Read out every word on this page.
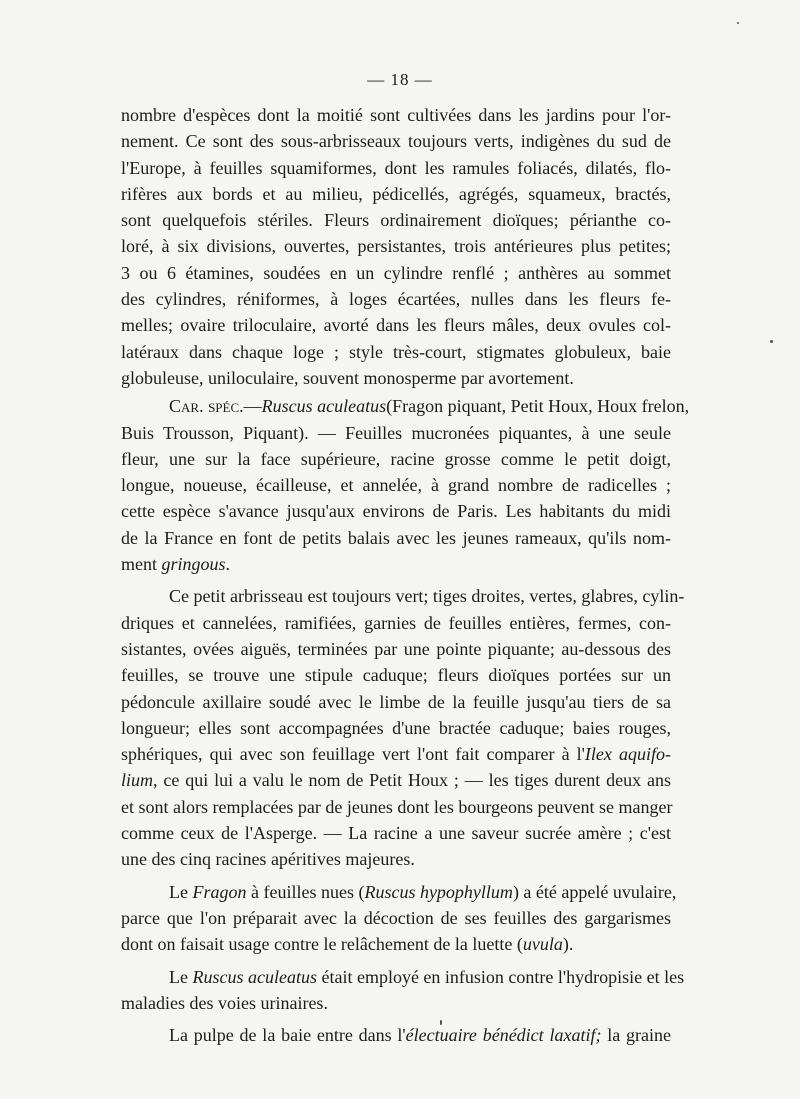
— 18 —

nombre d'espèces dont la moitié sont cultivées dans les jardins pour l'or-
nement. Ce sont des sous-arbrisseaux toujours verts, indigènes du sud de
l'Europe, à feuilles squamiformes, dont les ramules foliacés, dilatés, flo-
rifères aux bords et au milieu, pédicellés, agrégés, squameux, bractés,
sont quelquefois stériles. Fleurs ordinairement dioïques; périanthe co-
loré, à six divisions, ouvertes, persistantes, trois antérieures plus petites;
3 ou 6 étamines, soudées en un cylindre renflé ; anthères au sommet
des cylindres, réniformes, à loges écartées, nulles dans les fleurs fe-
melles; ovaire triloculaire, avorté dans les fleurs mâles, deux ovules col-
latéraux dans chaque loge ; style très-court, stigmates globuleux, baie
globuleuse, uniloculaire, souvent monosperme par avortement.

Car. spéc.—Ruscus aculeatus(Fragon piquant, Petit Houx, Houx frelon,
Buis Trousson, Piquant). — Feuilles mucronées piquantes, à une seule
fleur, une sur la face supérieure, racine grosse comme le petit doigt,
longue, noueuse, écailleuse, et annelée, à grand nombre de radicelles ;
cette espèce s'avance jusqu'aux environs de Paris. Les habitants du midi
de la France en font de petits balais avec les jeunes rameaux, qu'ils nom-
ment gringous.

Ce petit arbrisseau est toujours vert; tiges droites, vertes, glabres, cylin-
driques et cannelées, ramifiées, garnies de feuilles entières, fermes, con-
sistantes, ovées aiguës, terminées par une pointe piquante; au-dessous des
feuilles, se trouve une stipule caduque; fleurs dioïques portées sur un
pédoncule axillaire soudé avec le limbe de la feuille jusqu'au tiers de sa
longueur; elles sont accompagnées d'une bractée caduque; baies rouges,
sphériques, qui avec son feuillage vert l'ont fait comparer à l'Ilex aquifo-
lium, ce qui lui a valu le nom de Petit Houx ; — les tiges durent deux ans
et sont alors remplacées par de jeunes dont les bourgeons peuvent se manger
comme ceux de l'Asperge. — La racine a une saveur sucrée amère ; c'est
une des cinq racines apéritives majeures.

Le Fragon à feuilles nues (Ruscus hypophyllum) a été appelé uvulaire,
parce que l'on préparait avec la décoction de ses feuilles des gargarismes
dont on faisait usage contre le relâchement de la luette (uvula).

Le Ruscus aculeatus était employé en infusion contre l'hydropisie et les
maladies des voies urinaires.

La pulpe de la baie entre dans l'électuaire bénédict laxatif; la graine
